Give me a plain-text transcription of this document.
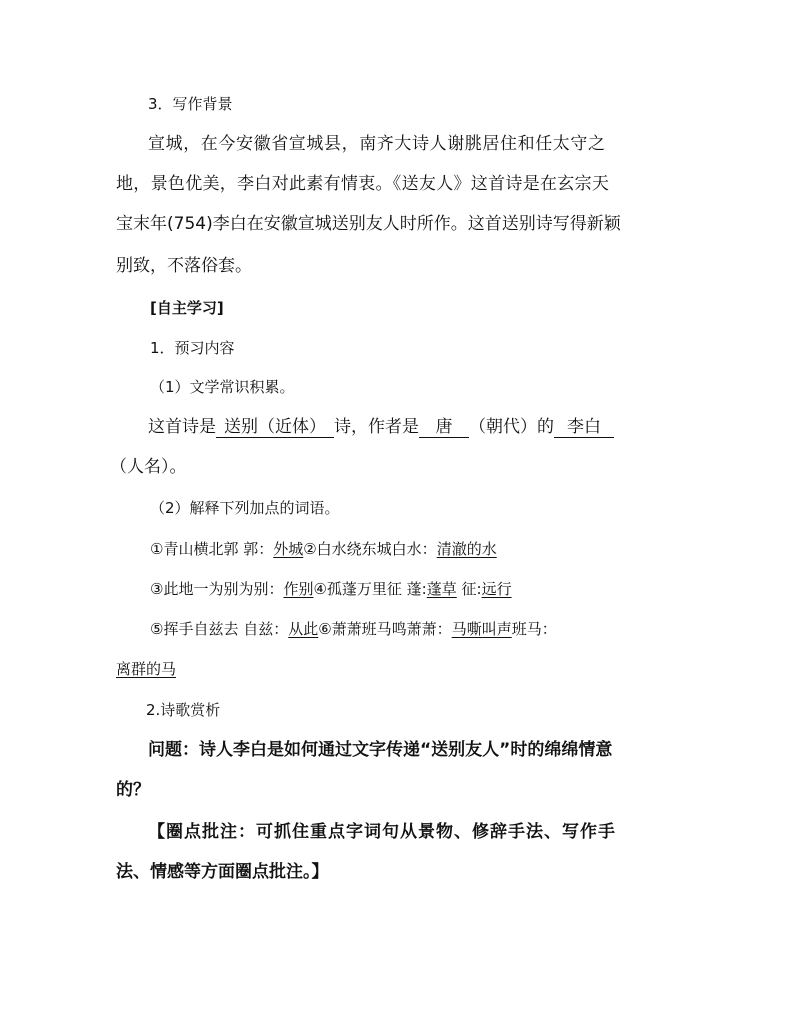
3．写作背景
宣城，在今安徽省宣城县，南齐大诗人谢朓居住和任太守之
地，景色优美，李白对此素有情衷。《送友人》这首诗是在玄宗天
宝末年(754)李白在安徽宣城送别友人时所作。这首送别诗写得新颖
别致，不落俗套。
[自主学习]
1．预习内容
（1）文学常识积累。
这首诗是 送别（近体） 诗，作者是 唐 （朝代）的 李白
（人名）。
（2）解释下列加点的词语。
①青山横北郭 郭：外城②白水绕东城白水：清澈的水
③此地一为别为别：作别④孤蓬万里征 蓬:蓬草 征:远行
⑤挥手自兹去 自兹：从此⑥萧萧班马鸣萧萧：马嘶叫声班马：
离群的马
2.诗歌赏析
问题：诗人李白是如何通过文字传递“送别友人”时的绵绵情意
的？
【圈点批注：可抓住重点字词句从景物、修辞手法、写作手
法、情感等方面圈点批注。】
